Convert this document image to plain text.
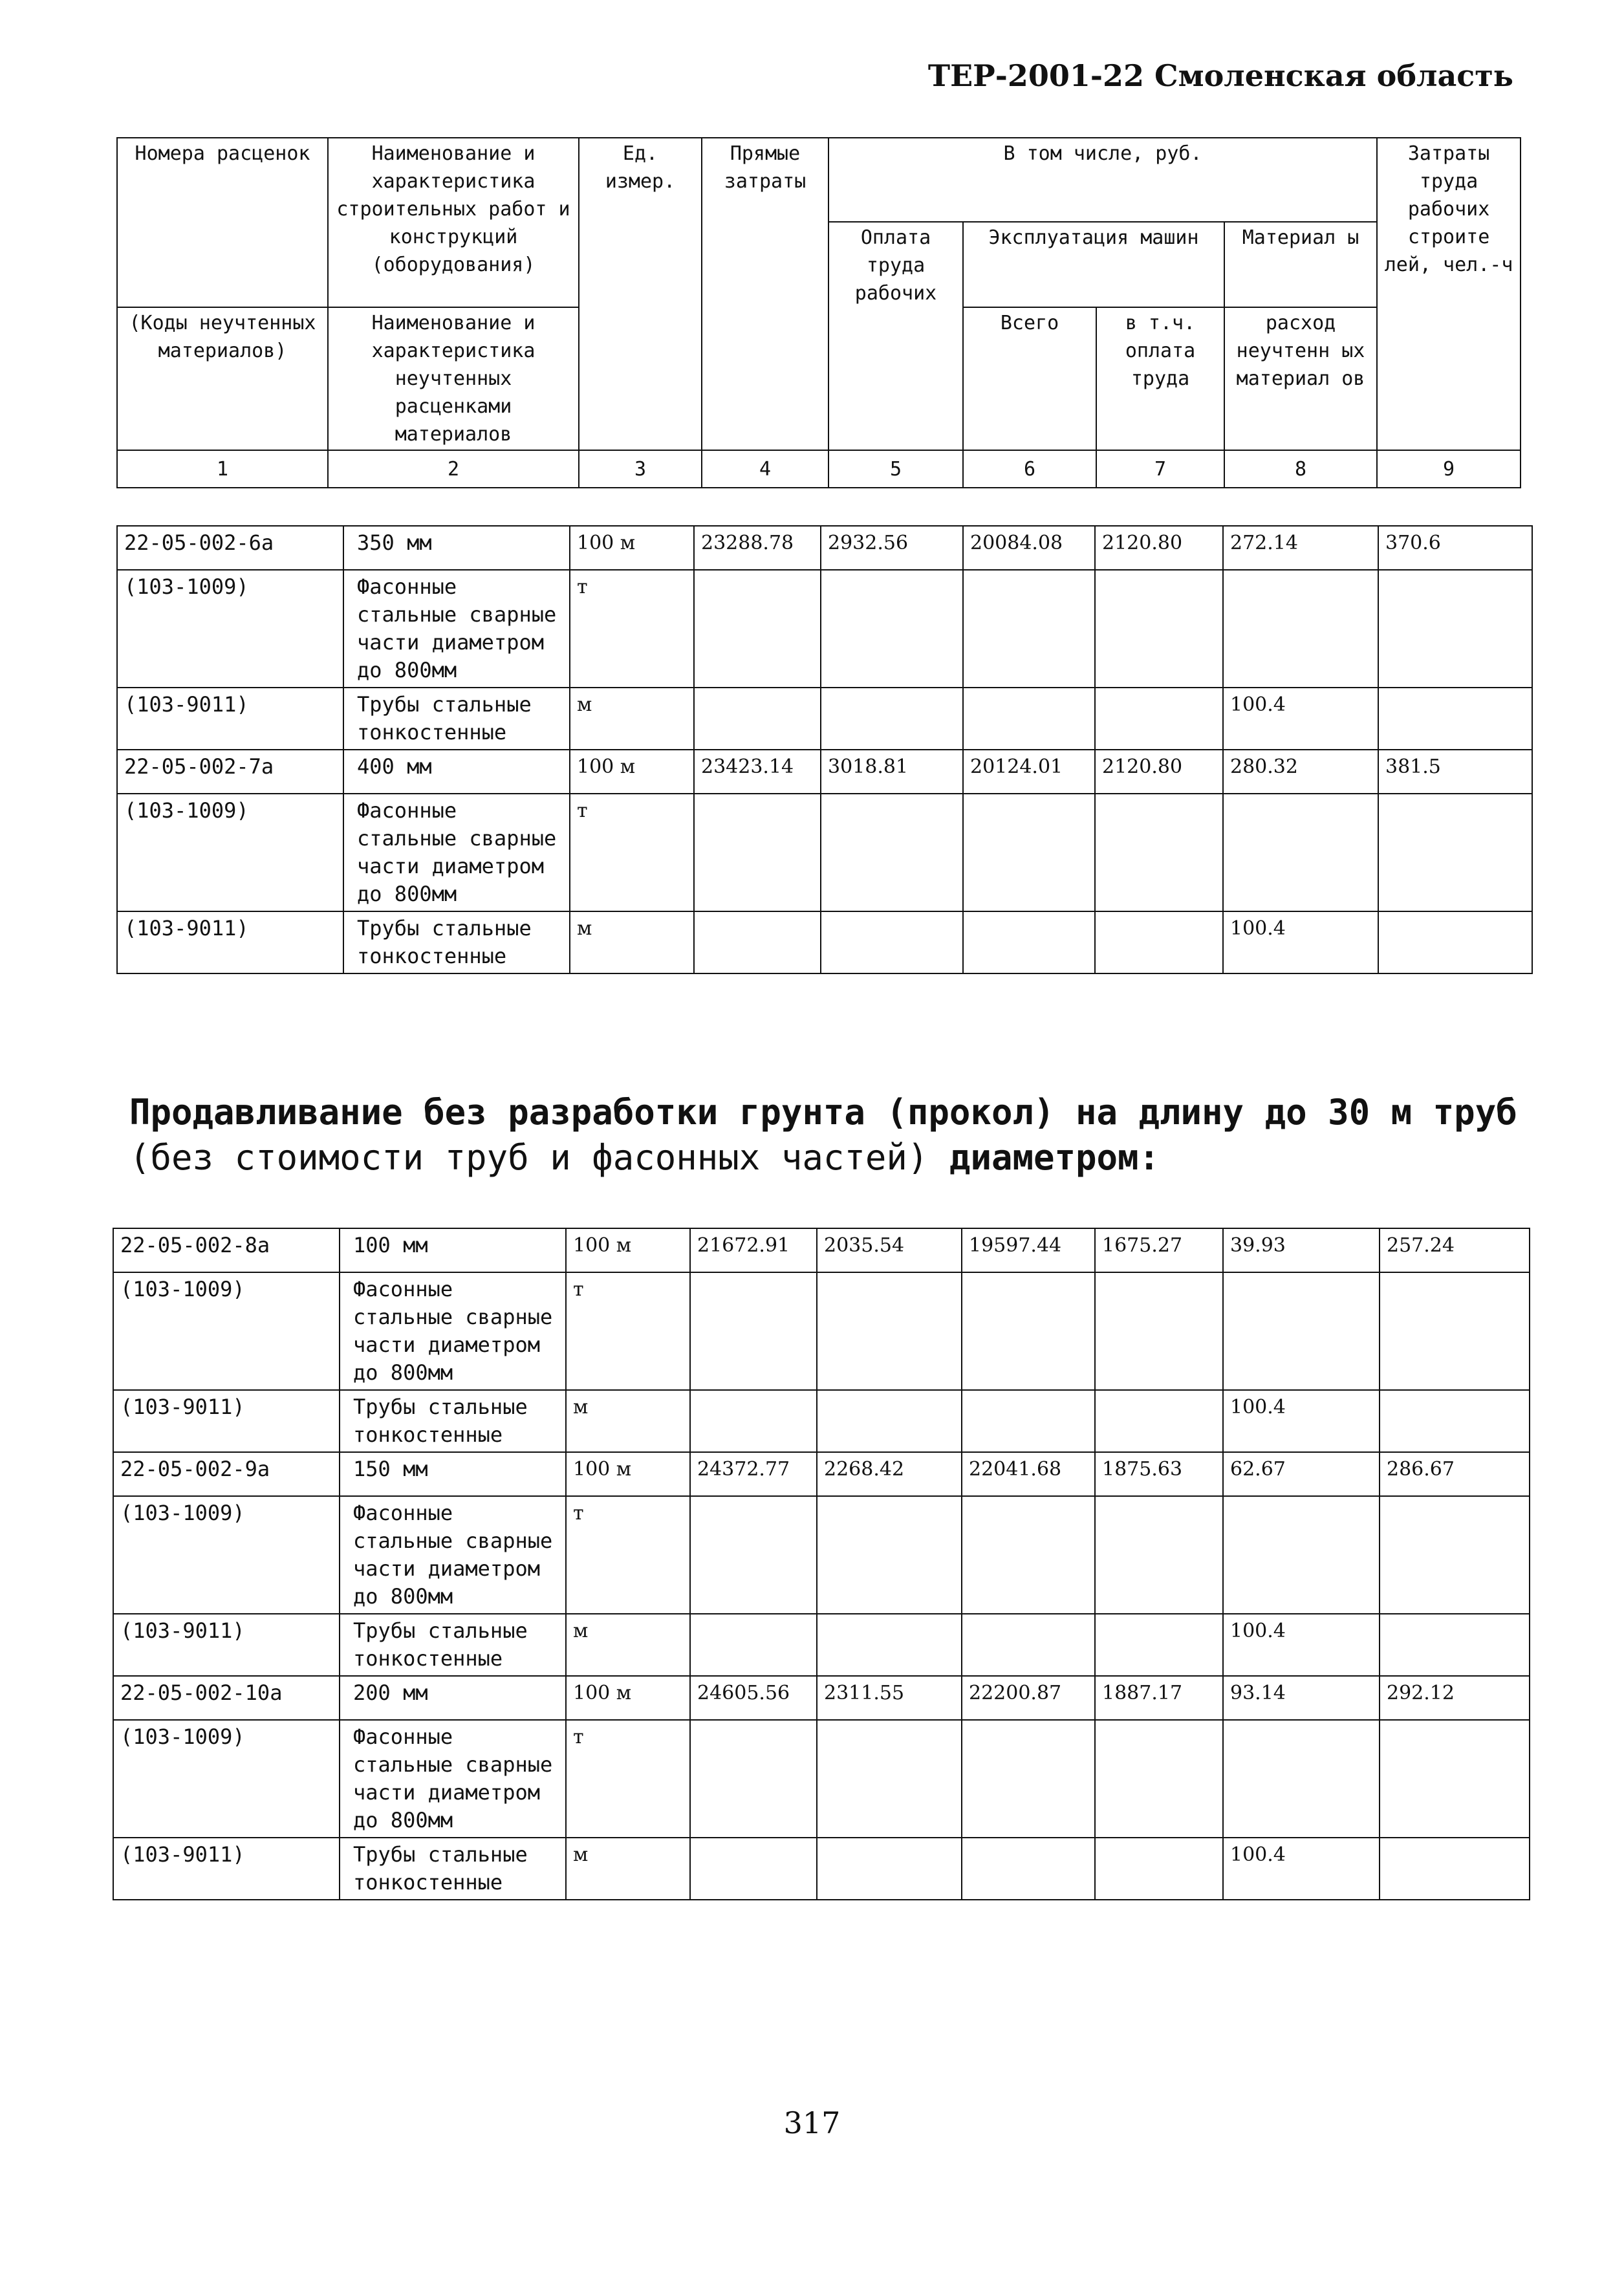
ТЕР-2001-22 Смоленская область
Номера расценок	Наименование и характеристика строительных работ и конструкций (оборудования)	Ед. измер.	Прямые затраты	В том числе, руб.				Затраты труда рабочих строите лей, чел.-ч
				Оплата труда рабочих	Эксплуатация машин		Материал ы	
(Коды неучтенных материалов)	Наименование и характеристика неучтенных расценками материалов				Всего	в т.ч. оплата труда	расход неучтенн ых материал ов	
1	2	3	4	5	6	7	8	9
22-05-002-6а	350 мм	100 м	23288.78	2932.56	20084.08	2120.80	272.14	370.6
(103-1009)	Фасонные стальные сварные части диаметром до 800мм	т						
(103-9011)	Трубы стальные тонкостенные	м					100.4	
22-05-002-7а	400 мм	100 м	23423.14	3018.81	20124.01	2120.80	280.32	381.5
(103-1009)	Фасонные стальные сварные части диаметром до 800мм	т						
(103-9011)	Трубы стальные тонкостенные	м					100.4	
Продавливание без разработки грунта (прокол) на длину до 30 м труб (без стоимости труб и фасонных частей) диаметром:
22-05-002-8а	100 мм	100 м	21672.91	2035.54	19597.44	1675.27	39.93	257.24
(103-1009)	Фасонные стальные сварные части диаметром до 800мм	т						
(103-9011)	Трубы стальные тонкостенные	м					100.4	
22-05-002-9а	150 мм	100 м	24372.77	2268.42	22041.68	1875.63	62.67	286.67
(103-1009)	Фасонные стальные сварные части диаметром до 800мм	т						
(103-9011)	Трубы стальные тонкостенные	м					100.4	
22-05-002-10а	200 мм	100 м	24605.56	2311.55	22200.87	1887.17	93.14	292.12
(103-1009)	Фасонные стальные сварные части диаметром до 800мм	т						
(103-9011)	Трубы стальные тонкостенные	м					100.4	
317
